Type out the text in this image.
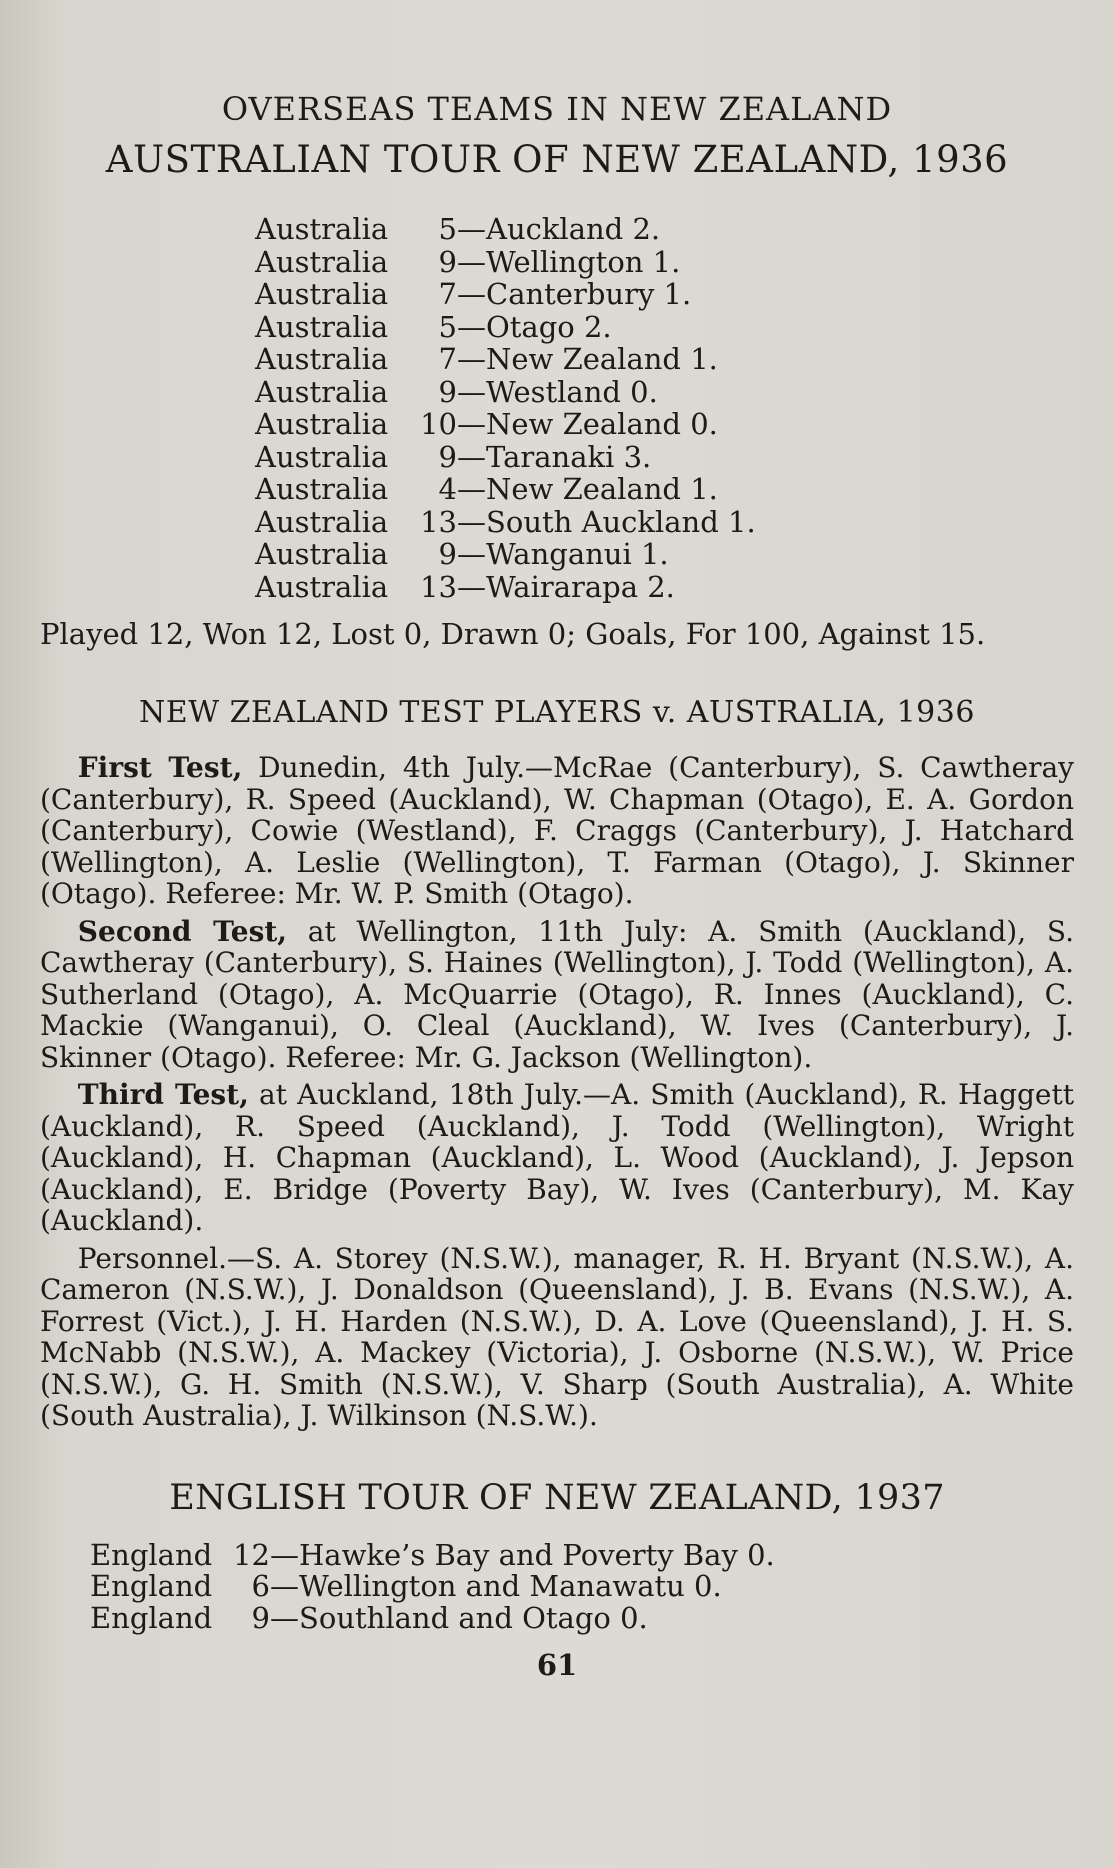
OVERSEAS TEAMS IN NEW ZEALAND
AUSTRALIAN TOUR OF NEW ZEALAND, 1936
Australia	5 — Auckland 2.
Australia	9 — Wellington 1.
Australia	7 — Canterbury 1.
Australia	5 — Otago 2.
Australia	7 — New Zealand 1.
Australia	9 — Westland 0.
Australia	10 — New Zealand 0.
Australia	9 — Taranaki 3.
Australia	4 — New Zealand 1.
Australia	13 — South Auckland 1.
Australia	9 — Wanganui 1.
Australia	13 — Wairarapa 2.
Played 12, Won 12, Lost 0, Drawn 0; Goals, For 100, Against 15.
NEW ZEALAND TEST PLAYERS v. AUSTRALIA, 1936

First Test, Dunedin, 4th July.—McRae (Canterbury), S. Cawtheray (Canterbury), R. Speed (Auckland), W. Chapman (Otago), E. A. Gordon (Canterbury), Cowie (Westland), F. Craggs (Canterbury), J. Hatchard (Wellington), A. Leslie (Wellington), T. Farman (Otago), J. Skinner (Otago). Referee: Mr. W. P. Smith (Otago).

Second Test, at Wellington, 11th July: A. Smith (Auckland), S. Cawtheray (Canterbury), S. Haines (Wellington), J. Todd (Wellington), A. Sutherland (Otago), A. McQuarrie (Otago), R. Innes (Auckland), C. Mackie (Wanganui), O. Cleal (Auckland), W. Ives (Canterbury), J. Skinner (Otago). Referee: Mr. G. Jackson (Wellington).

Third Test, at Auckland, 18th July.—A. Smith (Auckland), R. Haggett (Auckland), R. Speed (Auckland), J. Todd (Wellington), Wright (Auckland), H. Chapman (Auckland), L. Wood (Auckland), J. Jepson (Auckland), E. Bridge (Poverty Bay), W. Ives (Canterbury), M. Kay (Auckland).

Personnel.—S. A. Storey (N.S.W.), manager, R. H. Bryant (N.S.W.), A. Cameron (N.S.W.), J. Donaldson (Queensland), J. B. Evans (N.S.W.), A. Forrest (Vict.), J. H. Harden (N.S.W.), D. A. Love (Queensland), J. H. S. McNabb (N.S.W.), A. Mackey (Victoria), J. Osborne (N.S.W.), W. Price (N.S.W.), G. H. Smith (N.S.W.), V. Sharp (South Australia), A. White (South Australia), J. Wilkinson (N.S.W.).

ENGLISH TOUR OF NEW ZEALAND, 1937
England 12 — Hawke’s Bay and Poverty Bay 0.
England	6 — Wellington and Manawatu 0.
England	9 — Southland and Otago 0.
61
